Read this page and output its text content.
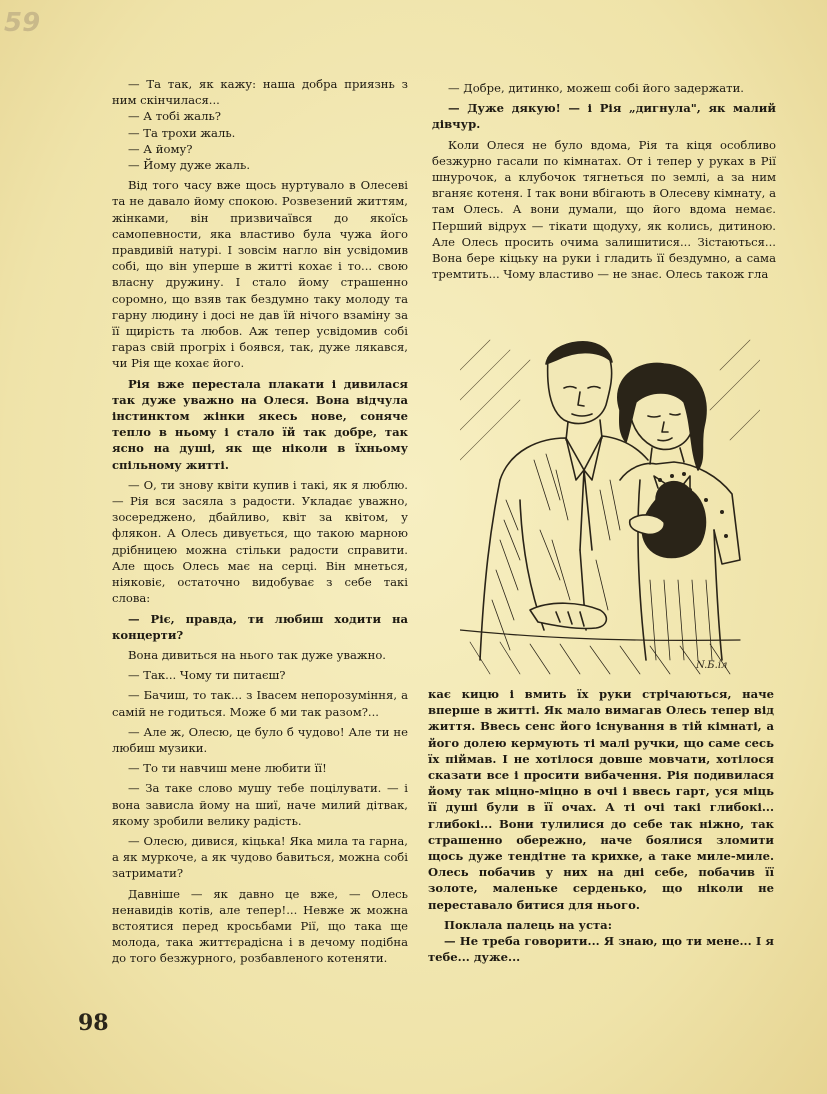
59

— Та так, як кажу: наша добра приязнь з ним скінчилася...

— А тобі жаль?

— Та трохи жаль.

— А йому?

— Йому дуже жаль.

Від того часу вже щось нуртувало в Олесеві та не давало йому спокою. Розвезений життям, жінками, він призвичаївся до якоїсь самопевности, яка властиво була чужа його правдивій натурі. І зовсім нагло він усвідомив собі, що він уперше в житті кохає і то... свою власну дружину. І стало йому страшенно соромно, що взяв так бездумно таку молоду та гарну людину і досі не дав їй нічого взаміну за її щирість та любов. Аж тепер усвідомив собі гараз свій прогріх і боявся, так, дуже лякався, чи Рія ще кохає його.

Рія вже перестала плакати і дивилася так дуже уважно на Олеся. Вона відчула інстинктом жінки якесь нове, соняче тепло в ньому і стало їй так добре, так ясно на душі, як ще ніколи в їхньому спільному житті.

— О, ти знову квіти купив і такі, як я люблю. — Рія вся засяла з радости. Укладає уважно, зосереджено, дбайливо, квіт за квітом, у флякон. А Олесь дивується, що такою марною дрібницею можна стільки радости справити. Але щось Олесь має на серці. Він мнеться, ніяковіє, остаточно видобуває з себе такі слова:

— Ріє, правда, ти любиш ходити на концерти?

Вона дивиться на нього так дуже уважно.

— Так... Чому ти питаєш?

— Бачиш, то так... з Івасем непорозуміння, а самій не годиться. Може б ми так разом?...

— Але ж, Олесю, це було б чудово! Але ти не любиш музики.

— То ти навчиш мене любити її!

— За таке слово мушу тебе поцілувати. — і вона зависла йому на шиї, наче милий дітвак, якому зробили велику радість.

— Олесю, дивися, кіцька! Яка мила та гарна, а як муркоче, а як чудово бавиться, можна собі затримати?

Давніше — як давно це вже, — Олесь ненавидів котів, але тепер!... Невже ж можна встоятися перед кросьбами Рії, що така ще молода, така життєрадісна і в дечому подібна до того безжурного, розбавленого котеняти.

— Добре, дитинко, можеш собі його задержати.

— Дуже дякую! — і Рія „дигнула", як малий дівчур.

Коли Олеся не було вдома, Рія та кіця особливо безжурно гасали по кімнатах. От і тепер у руках в Рії шнурочок, а клубочок тягнеться по землі, а за ним вганяє котеня. І так вони вбігають в Олесеву кімнату, а там Олесь. А вони думали, що його вдома немає. Перший відрух — тікати щодуху, як колись, дитиною. Але Олесь просить очима залишитися... Зістаються... Вона бере кіцьку на руки і гладить її бездумно, а сама тремтить... Чому властиво — не знає. Олесь також гла

N.Б.іл

кає кицю і вмить їх руки стрічаються, наче вперше в житті. Як мало вимагав Олесь тепер від життя. Ввесь сенс його існування в тій кімнаті, а його долею кермують ті малі ручки, що саме сесь їх піймав. І не хотілося довше мовчати, хотілося сказати все і просити вибачення. Рія подивилася йому так міцно-міцно в очі і ввесь гарт, уся міць її душі були в її очах. А ті очі такі глибокі... глибокі... Вони тулилися до себе так ніжно, так страшенно обережно, наче боялися зломити щось дуже тендітне та крихке, а таке миле-миле. Олесь побачив у них на дні себе, побачив її золоте, маленьке серденько, що ніколи не переставало битися для нього.

Поклала палець на уста:

— Не треба говорити... Я знаю, що ти мене... І я тебе... дуже...

98
